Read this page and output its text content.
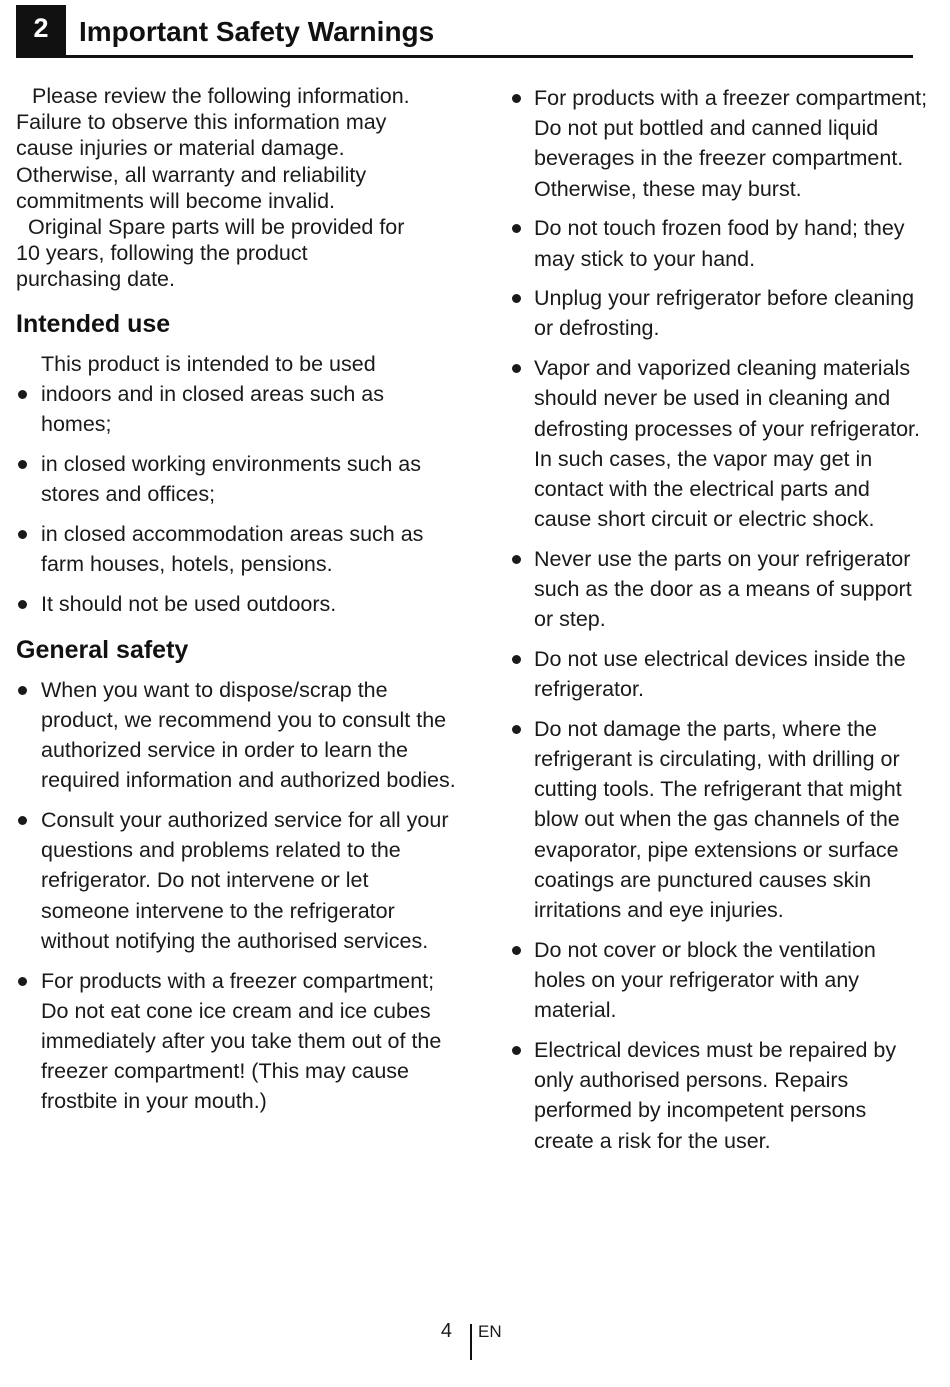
2	Important Safety Warnings

Please review the following information.

Failure to observe this information may

cause injuries or material damage.

Otherwise, all warranty and reliability

commitments will become invalid.

Original Spare parts will be provided for

10 years, following the product

purchasing date.

Intended use
This product is intended to be used
indoors and in closed areas such as homes;
in closed working environments such as stores and offices;
in closed accommodation areas such as farm houses, hotels, pensions.
It should not be used outdoors.
General safety
When you want to dispose/scrap the product, we recommend you to consult the authorized service in order to learn the required information and authorized bodies.
Consult your authorized service for all your questions and problems related to the refrigerator. Do not intervene or let someone intervene to the refrigerator without notifying the authorised services.
For products with a freezer compartment; Do not eat cone ice cream and ice cubes immediately after you take them out of the freezer compartment! (This may cause frostbite in your mouth.)
For products with a freezer compartment; Do not put bottled and canned liquid beverages in the freezer compartment. Otherwise, these may burst.
Do not touch frozen food by hand; they may stick to your hand.
Unplug your refrigerator before cleaning or defrosting.
Vapor and vaporized cleaning materials should never be used in cleaning and defrosting processes of your refrigerator. In such cases, the vapor may get in contact with the electrical parts and cause short circuit or electric shock.
Never use the parts on your refrigerator such as the door as a means of support or step.
Do not use electrical devices inside the refrigerator.
Do not damage the parts, where the refrigerant is circulating, with drilling or cutting tools. The refrigerant that might blow out when the gas channels of the evaporator, pipe extensions or surface coatings are punctured causes skin irritations and eye injuries.
Do not cover or block the ventilation holes on your refrigerator with any material.
Electrical devices must be repaired by only authorised persons. Repairs performed by incompetent persons create a risk for the user.
4 EN
